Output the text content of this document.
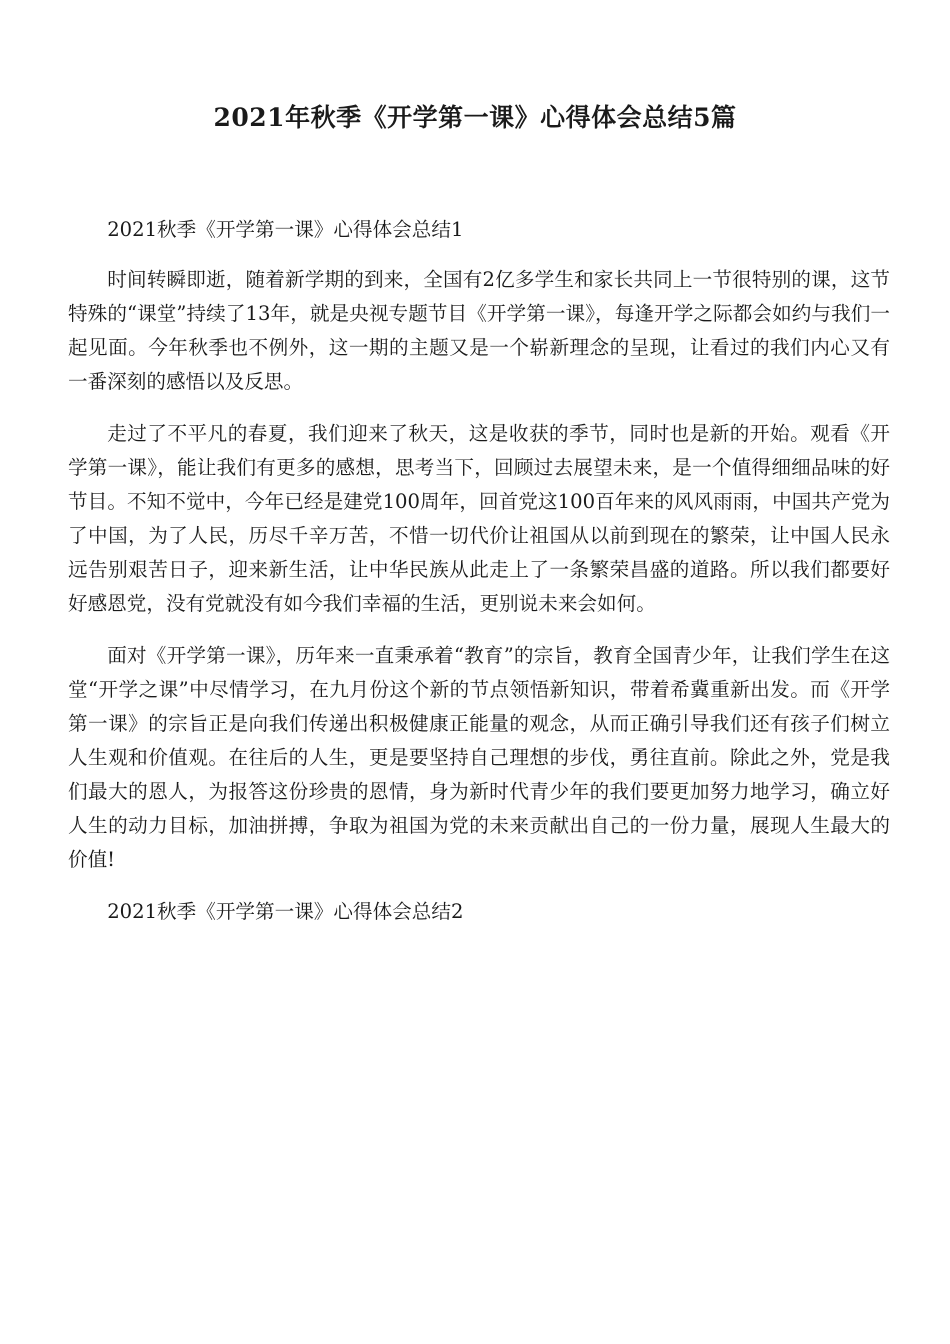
2021年秋季《开学第一课》心得体会总结5篇

2021秋季《开学第一课》心得体会总结1

时间转瞬即逝，随着新学期的到来，全国有2亿多学生和家长共同上一节很特别的课，这节特殊的“课堂”持续了13年，就是央视专题节目《开学第一课》，每逢开学之际都会如约与我们一起见面。今年秋季也不例外，这一期的主题又是一个崭新理念的呈现，让看过的我们内心又有一番深刻的感悟以及反思。

走过了不平凡的春夏，我们迎来了秋天，这是收获的季节，同时也是新的开始。观看《开学第一课》，能让我们有更多的感想，思考当下，回顾过去展望未来，是一个值得细细品味的好节目。不知不觉中，今年已经是建党100周年，回首党这100百年来的风风雨雨，中国共产党为了中国，为了人民，历尽千辛万苦，不惜一切代价让祖国从以前到现在的繁荣，让中国人民永远告别艰苦日子，迎来新生活，让中华民族从此走上了一条繁荣昌盛的道路。所以我们都要好好感恩党，没有党就没有如今我们幸福的生活，更别说未来会如何。

面对《开学第一课》，历年来一直秉承着“教育”的宗旨，教育全国青少年，让我们学生在这堂“开学之课”中尽情学习，在九月份这个新的节点领悟新知识，带着希冀重新出发。而《开学第一课》的宗旨正是向我们传递出积极健康正能量的观念，从而正确引导我们还有孩子们树立人生观和价值观。在往后的人生，更是要坚持自己理想的步伐，勇往直前。除此之外，党是我们最大的恩人，为报答这份珍贵的恩情，身为新时代青少年的我们要更加努力地学习，确立好人生的动力目标，加油拼搏，争取为祖国为党的未来贡献出自己的一份力量，展现人生最大的价值!

2021秋季《开学第一课》心得体会总结2
